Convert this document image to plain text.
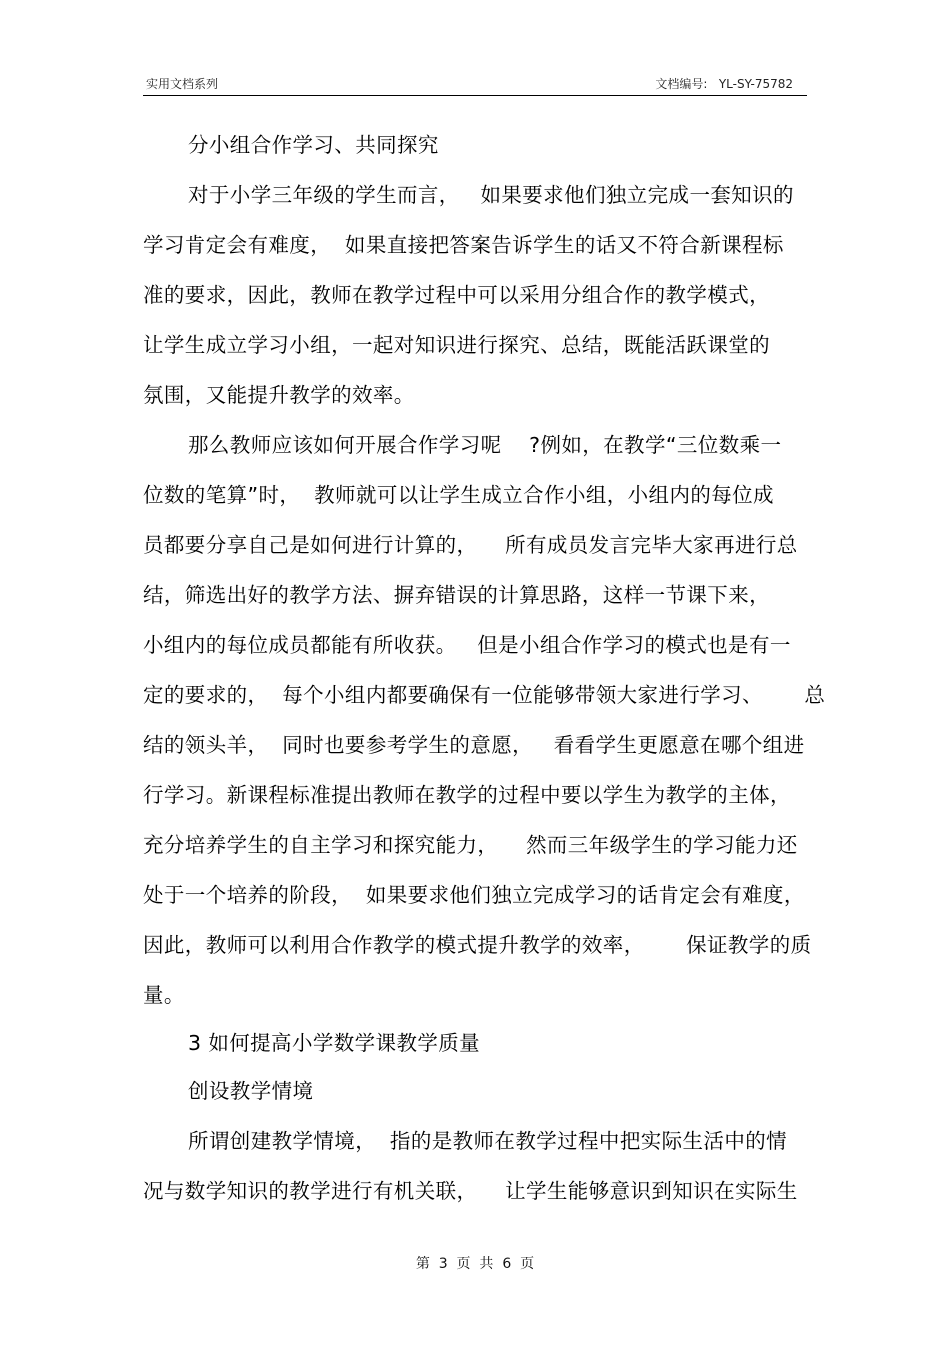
实用文档系列	文档编号:   YL-SY-75782
分小组合作学习、共同探究
对于小学三年级的学生而言，   如果要求他们独立完成一套知识的
学习肯定会有难度，  如果直接把答案告诉学生的话又不符合新课程标
准的要求，因此，教师在教学过程中可以采用分组合作的教学模式，
让学生成立学习小组，一起对知识进行探究、总结，既能活跃课堂的
氛围，又能提升教学的效率。
那么教师应该如何开展合作学习呢    ?例如，在教学“三位数乘一
位数的笔算”时，  教师就可以让学生成立合作小组，小组内的每位成
员都要分享自己是如何进行计算的，    所有成员发言完毕大家再进行总
结，筛选出好的教学方法、摒弃错误的计算思路，这样一节课下来，
小组内的每位成员都能有所收获。   但是小组合作学习的模式也是有一
定的要求的，  每个小组内都要确保有一位能够带领大家进行学习、      总
结的领头羊，  同时也要参考学生的意愿，   看看学生更愿意在哪个组进
行学习。新课程标准提出教师在教学的过程中要以学生为教学的主体，
充分培养学生的自主学习和探究能力，    然而三年级学生的学习能力还
处于一个培养的阶段，  如果要求他们独立完成学习的话肯定会有难度，
因此，教师可以利用合作教学的模式提升教学的效率，      保证教学的质
量。
3 如何提高小学数学课教学质量
创设教学情境
所谓创建教学情境，  指的是教师在教学过程中把实际生活中的情
况与数学知识的教学进行有机关联，    让学生能够意识到知识在实际生
第  3  页  共  6  页
